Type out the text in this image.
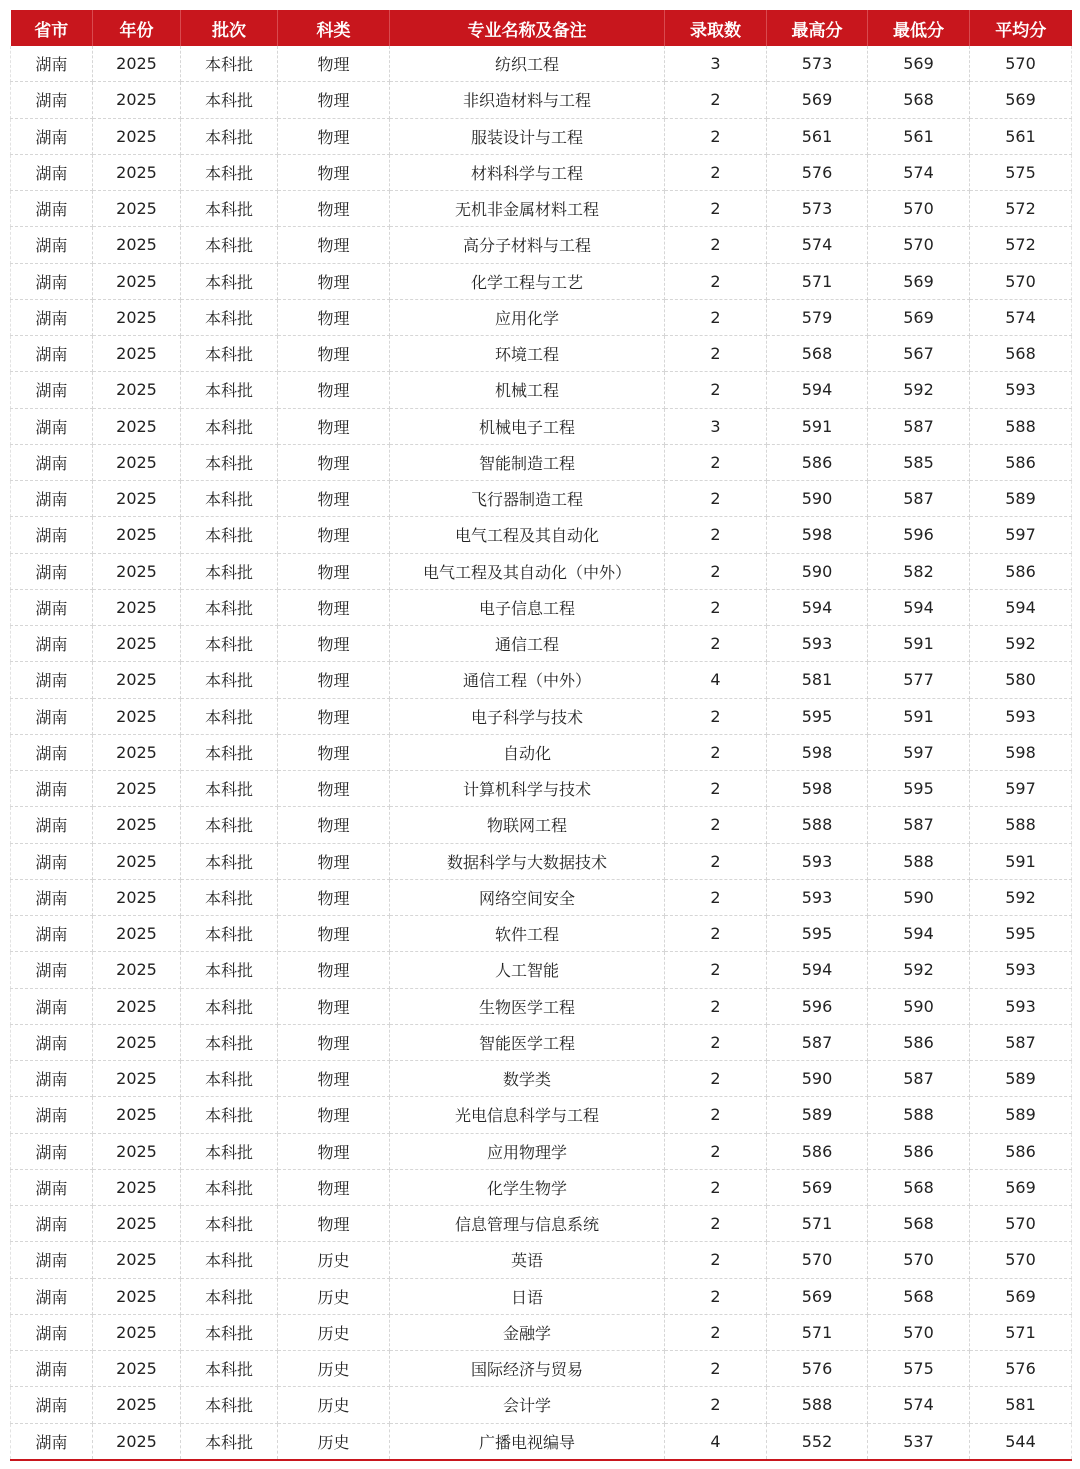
省市	年份	批次	科类	专业名称及备注	录取数	最高分	最低分	平均分
湖南	2025	本科批	物理	纺织工程	3	573	569	570
湖南	2025	本科批	物理	非织造材料与工程	2	569	568	569
湖南	2025	本科批	物理	服装设计与工程	2	561	561	561
湖南	2025	本科批	物理	材料科学与工程	2	576	574	575
湖南	2025	本科批	物理	无机非金属材料工程	2	573	570	572
湖南	2025	本科批	物理	高分子材料与工程	2	574	570	572
湖南	2025	本科批	物理	化学工程与工艺	2	571	569	570
湖南	2025	本科批	物理	应用化学	2	579	569	574
湖南	2025	本科批	物理	环境工程	2	568	567	568
湖南	2025	本科批	物理	机械工程	2	594	592	593
湖南	2025	本科批	物理	机械电子工程	3	591	587	588
湖南	2025	本科批	物理	智能制造工程	2	586	585	586
湖南	2025	本科批	物理	飞行器制造工程	2	590	587	589
湖南	2025	本科批	物理	电气工程及其自动化	2	598	596	597
湖南	2025	本科批	物理	电气工程及其自动化（中外）	2	590	582	586
湖南	2025	本科批	物理	电子信息工程	2	594	594	594
湖南	2025	本科批	物理	通信工程	2	593	591	592
湖南	2025	本科批	物理	通信工程（中外）	4	581	577	580
湖南	2025	本科批	物理	电子科学与技术	2	595	591	593
湖南	2025	本科批	物理	自动化	2	598	597	598
湖南	2025	本科批	物理	计算机科学与技术	2	598	595	597
湖南	2025	本科批	物理	物联网工程	2	588	587	588
湖南	2025	本科批	物理	数据科学与大数据技术	2	593	588	591
湖南	2025	本科批	物理	网络空间安全	2	593	590	592
湖南	2025	本科批	物理	软件工程	2	595	594	595
湖南	2025	本科批	物理	人工智能	2	594	592	593
湖南	2025	本科批	物理	生物医学工程	2	596	590	593
湖南	2025	本科批	物理	智能医学工程	2	587	586	587
湖南	2025	本科批	物理	数学类	2	590	587	589
湖南	2025	本科批	物理	光电信息科学与工程	2	589	588	589
湖南	2025	本科批	物理	应用物理学	2	586	586	586
湖南	2025	本科批	物理	化学生物学	2	569	568	569
湖南	2025	本科批	物理	信息管理与信息系统	2	571	568	570
湖南	2025	本科批	历史	英语	2	570	570	570
湖南	2025	本科批	历史	日语	2	569	568	569
湖南	2025	本科批	历史	金融学	2	571	570	571
湖南	2025	本科批	历史	国际经济与贸易	2	576	575	576
湖南	2025	本科批	历史	会计学	2	588	574	581
湖南	2025	本科批	历史	广播电视编导	4	552	537	544
